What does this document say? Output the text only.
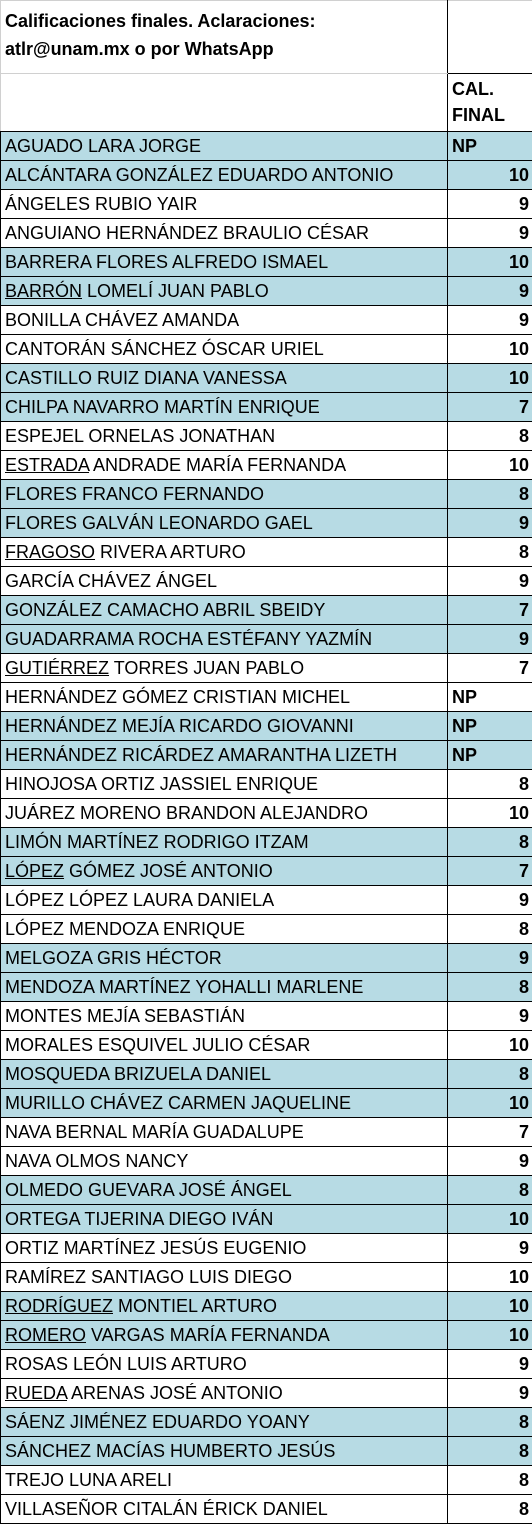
Calificaciones finales. Aclaraciones: atlr@unam.mx o por WhatsApp	
	CAL. FINAL
AGUADO LARA JORGE	NP
ALCÁNTARA GONZÁLEZ EDUARDO ANTONIO	10
ÁNGELES RUBIO YAIR	9
ANGUIANO HERNÁNDEZ BRAULIO CÉSAR	9
BARRERA FLORES ALFREDO ISMAEL	10
BARRÓN LOMELÍ JUAN PABLO	9
BONILLA CHÁVEZ AMANDA	9
CANTORÁN SÁNCHEZ ÓSCAR URIEL	10
CASTILLO RUIZ DIANA VANESSA	10
CHILPA NAVARRO MARTÍN ENRIQUE	7
ESPEJEL ORNELAS JONATHAN	8
ESTRADA ANDRADE MARÍA FERNANDA	10
FLORES FRANCO FERNANDO	8
FLORES GALVÁN LEONARDO GAEL	9
FRAGOSO RIVERA ARTURO	8
GARCÍA CHÁVEZ ÁNGEL	9
GONZÁLEZ CAMACHO ABRIL SBEIDY	7
GUADARRAMA ROCHA ESTÉFANY YAZMÍN	9
GUTIÉRREZ TORRES JUAN PABLO	7
HERNÁNDEZ GÓMEZ CRISTIAN MICHEL	NP
HERNÁNDEZ MEJÍA RICARDO GIOVANNI	NP
HERNÁNDEZ RICÁRDEZ AMARANTHA LIZETH	NP
HINOJOSA ORTIZ JASSIEL ENRIQUE	8
JUÁREZ MORENO BRANDON ALEJANDRO	10
LIMÓN MARTÍNEZ RODRIGO ITZAM	8
LÓPEZ GÓMEZ JOSÉ ANTONIO	7
LÓPEZ LÓPEZ LAURA DANIELA	9
LÓPEZ MENDOZA ENRIQUE	8
MELGOZA GRIS HÉCTOR	9
MENDOZA MARTÍNEZ YOHALLI MARLENE	8
MONTES MEJÍA SEBASTIÁN	9
MORALES ESQUIVEL JULIO CÉSAR	10
MOSQUEDA BRIZUELA DANIEL	8
MURILLO CHÁVEZ CARMEN JAQUELINE	10
NAVA BERNAL MARÍA GUADALUPE	7
NAVA OLMOS NANCY	9
OLMEDO GUEVARA JOSÉ ÁNGEL	8
ORTEGA TIJERINA DIEGO IVÁN	10
ORTIZ MARTÍNEZ JESÚS EUGENIO	9
RAMÍREZ SANTIAGO LUIS DIEGO	10
RODRÍGUEZ MONTIEL ARTURO	10
ROMERO VARGAS MARÍA FERNANDA	10
ROSAS LEÓN LUIS ARTURO	9
RUEDA ARENAS JOSÉ ANTONIO	9
SÁENZ JIMÉNEZ EDUARDO YOANY	8
SÁNCHEZ MACÍAS HUMBERTO JESÚS	8
TREJO LUNA ARELI	8
VILLASEÑOR CITALÁN ÉRICK DANIEL	8
